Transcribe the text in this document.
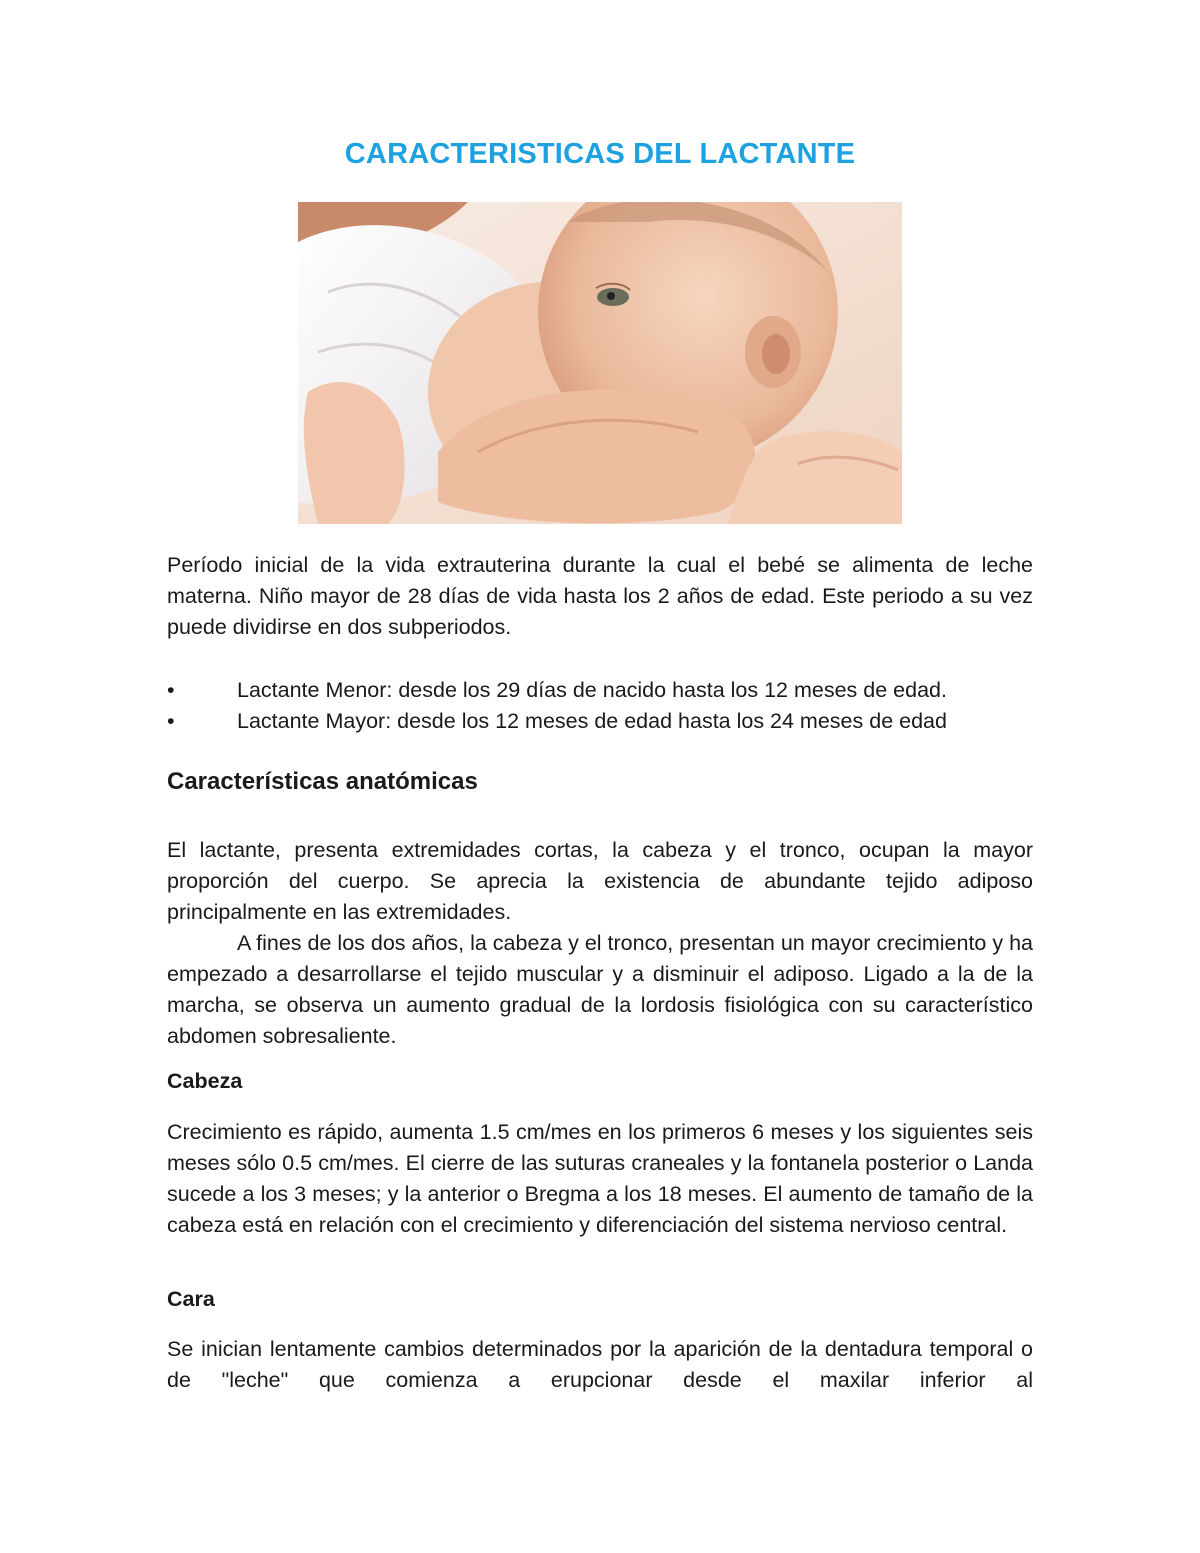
CARACTERISTICAS DEL LACTANTE
Período inicial de la vida extrauterina durante la cual el bebé se alimenta de leche materna. Niño mayor de 28 días de vida hasta los 2 años de edad. Este periodo a su vez puede dividirse en dos subperiodos.
•	Lactante Menor: desde los 29 días de nacido hasta los 12 meses de edad.
•	Lactante Mayor: desde los 12 meses de edad hasta los 24 meses de edad
Características anatómicas
El lactante, presenta extremidades cortas, la cabeza y el tronco, ocupan la mayor proporción del cuerpo. Se aprecia la existencia de abundante tejido adiposo principalmente en las extremidades.
A fines de los dos años, la cabeza y el tronco, presentan un mayor crecimiento y ha empezado a desarrollarse el tejido muscular y a disminuir el adiposo. Ligado a la de la marcha, se observa un aumento gradual de la lordosis fisiológica con su característico abdomen sobresaliente.
Cabeza
Crecimiento es rápido, aumenta 1.5 cm/mes en los primeros 6 meses y los siguientes seis meses sólo 0.5 cm/mes. El cierre de las suturas craneales y la fontanela posterior o Landa sucede a los 3 meses; y la anterior o Bregma a los 18 meses. El aumento de tamaño de la cabeza está en relación con el crecimiento y diferenciación del sistema nervioso central.
Cara
Se inician lentamente cambios determinados por la aparición de la dentadura temporal o de "leche" que comienza a erupcionar desde el maxilar inferior al
